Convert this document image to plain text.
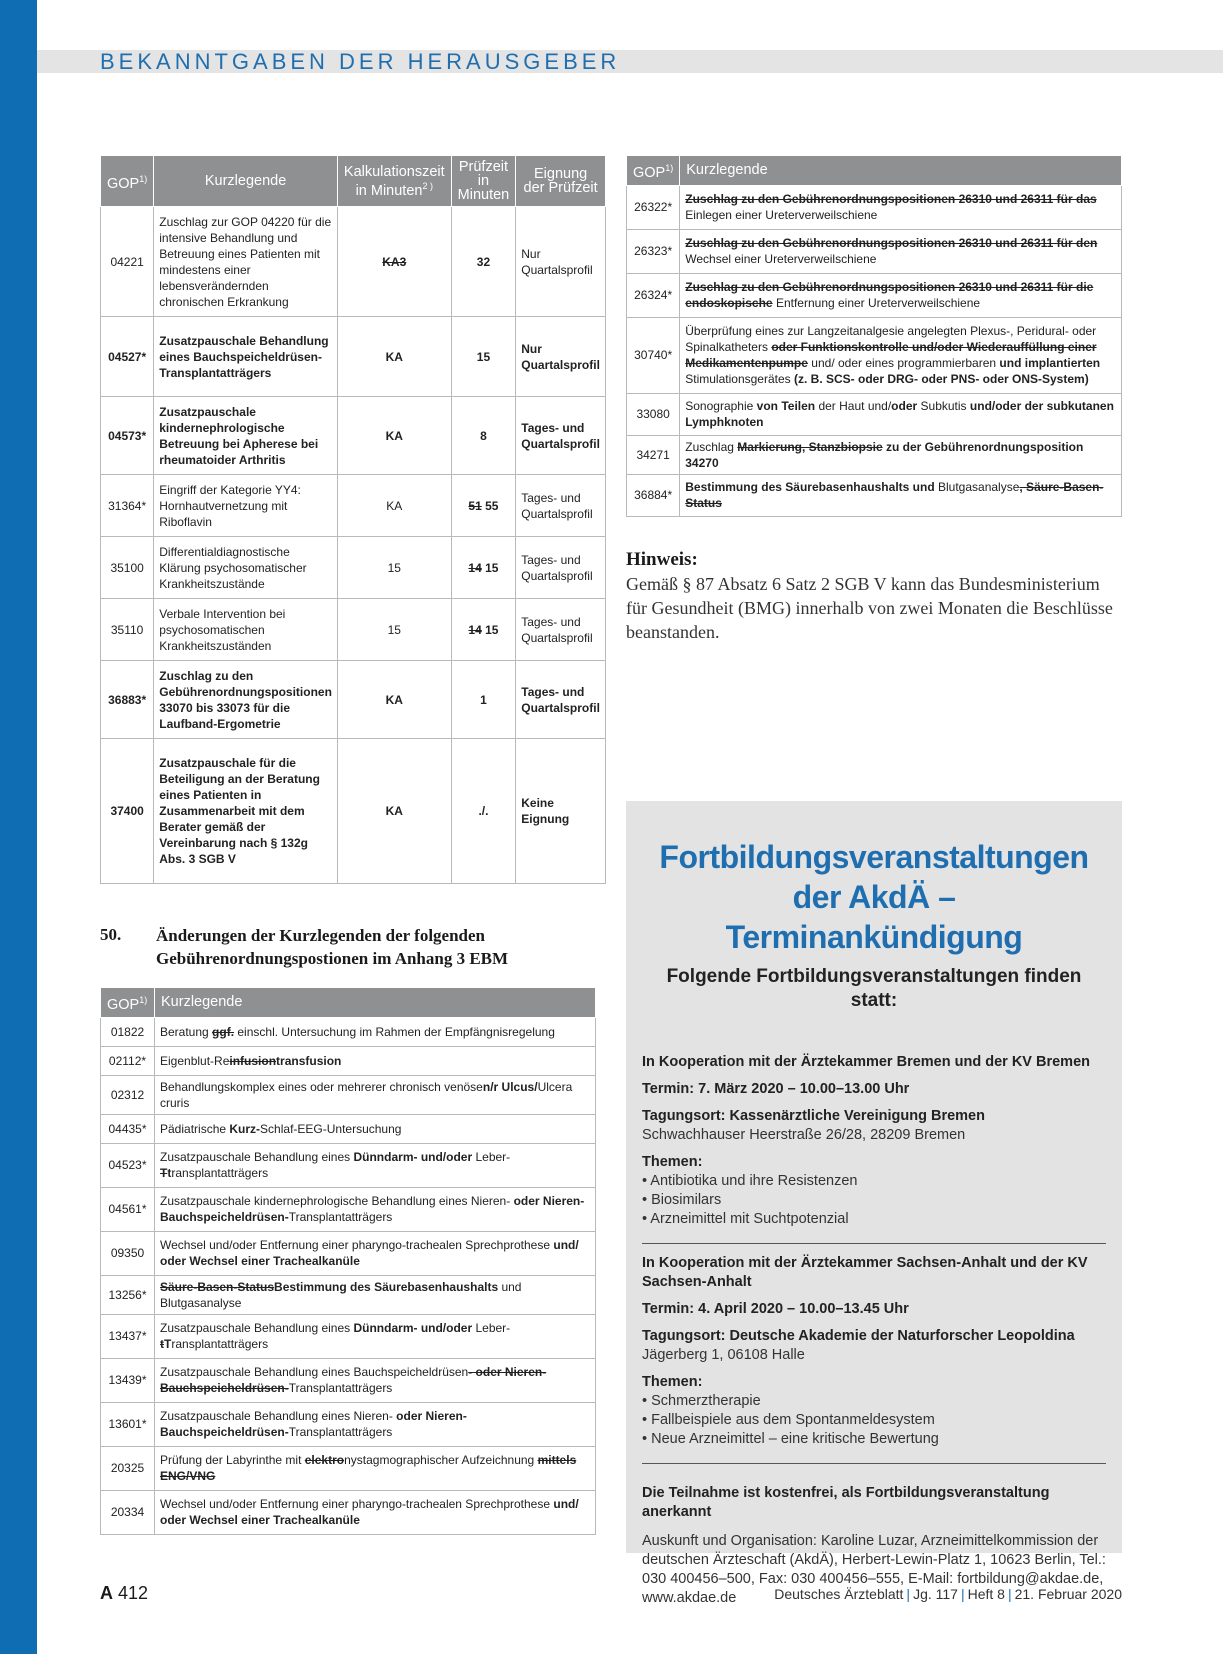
BEKANNTGABEN DER HERAUSGEBER
GOP$^{1)}$	Kurzlegende	Kalkulationszeit in Minuten$^{2 )}$	Prüfzeit in Minuten	Eignung der Prüfzeit
04221	Zuschlag zur GOP 04220 für die intensive Behandlung und Betreuung eines Patienten mit mindestens einer lebensverändernden chronischen Erkrankung	KA3	32	Nur Quartalsprofil
04527*	Zusatzpauschale Behandlung eines Bauchspeicheldrüsen-Transplantatträgers	KA	15	Nur Quartalsprofil
04573*	Zusatzpauschale kindernephrologische Betreuung bei Apherese bei rheumatoider Arthritis	KA	8	Tages- und Quartalsprofil
31364*	Eingriff der Kategorie YY4: Hornhautvernetzung mit Riboflavin	KA	51 55	Tages- und Quartalsprofil
35100	Differentialdiagnostische Klärung psychosomatischer Krankheitszustände	15	14 15	Tages- und Quartalsprofil
35110	Verbale Intervention bei psychosomatischen Krankheitszuständen	15	14 15	Tages- und Quartalsprofil
36883*	Zuschlag zu den Gebührenordnungspositionen 33070 bis 33073 für die Laufband-Ergometrie	KA	1	Tages- und Quartalsprofil
37400	Zusatzpauschale für die Beteiligung an der Beratung eines Patienten in Zusammenarbeit mit dem Berater gemäß der Vereinbarung nach § 132g Abs. 3 SGB V	KA	./.	Keine Eignung
GOP$^{1)}$	Kurzlegende
26322*	Zuschlag zu den Gebührenordnungspositionen 26310 und 26311 für das Einlegen einer Ureterverweilschiene
26323*	Zuschlag zu den Gebührenordnungspositionen 26310 und 26311 für den Wechsel einer Ureterverweilschiene
26324*	Zuschlag zu den Gebührenordnungspositionen 26310 und 26311 für die endoskopische Entfernung einer Ureterverweilschiene
30740*	Überprüfung eines zur Langzeitanalgesie angelegten Plexus-, Peridural- oder Spinalkatheters oder Funktionskontrolle und/oder Wiederauffüllung einer Medikamentenpumpe und/ oder eines programmierbaren und implantierten Stimulationsgerätes (z. B. SCS- oder DRG- oder PNS- oder ONS-System)
33080	Sonographie von Teilen der Haut und/oder Subkutis und/oder der subkutanen Lymphknoten
34271	Zuschlag Markierung, Stanzbiopsie zu der Gebührenordnungsposition 34270
36884*	Bestimmung des Säurebasenhaushalts und Blutgasanalyse, Säure-Basen-Status
Hinweis:

Gemäß § 87 Absatz 6 Satz 2 SGB V kann das Bundesministerium für Gesundheit (BMG) innerhalb von zwei Monaten die Beschlüsse beanstanden.

50. Änderungen der Kurzlegenden der folgenden Gebührenordnungspostionen im Anhang 3 EBM
GOP$^{1)}$	Kurzlegende
01822	Beratung ggf. einschl. Untersuchung im Rahmen der Empfängnisregelung
02112*	Eigenblut-Reinfusiontransfusion
02312	Behandlungskomplex eines oder mehrerer chronisch venösen/r Ulcus/Ulcera cruris
04435*	Pädiatrische Kurz-Schlaf-EEG-Untersuchung
04523*	Zusatzpauschale Behandlung eines Dünndarm- und/oder Leber-Ttransplantatträgers
04561*	Zusatzpauschale kindernephrologische Behandlung eines Nieren- oder Nieren-Bauchspeicheldrüsen-Transplantatträgers
09350	Wechsel und/oder Entfernung einer pharyngo-trachealen Sprechprothese und/ oder Wechsel einer Trachealkanüle
13256*	Säure-Basen-StatusBestimmung des Säurebasenhaushalts und Blutgasanalyse
13437*	Zusatzpauschale Behandlung eines Dünndarm- und/oder Leber-tTransplantatträgers
13439*	Zusatzpauschale Behandlung eines Bauchspeicheldrüsen- oder Nieren-Bauchspeicheldrüsen-Transplantatträgers
13601*	Zusatzpauschale Behandlung eines Nieren- oder Nieren-Bauchspeicheldrüsen-Transplantatträgers
20325	Prüfung der Labyrinthe mit elektronystagmographischer Aufzeichnung mittels ENG/VNG
20334	Wechsel und/oder Entfernung einer pharyngo-trachealen Sprechprothese und/ oder Wechsel einer Trachealkanüle
Fortbildungsveranstaltungen der AkdÄ – Terminankündigung
Folgende Fortbildungsveranstaltungen finden statt:
In Kooperation mit der Ärztekammer Bremen und der KV Bremen
Termin: 7. März 2020 – 10.00–13.00 Uhr
Tagungsort: Kassenärztliche Vereinigung Bremen
Schwachhauser Heerstraße 26/28, 28209 Bremen
Themen:
• Antibiotika und ihre Resistenzen
• Biosimilars
• Arzneimittel mit Suchtpotenzial
In Kooperation mit der Ärztekammer Sachsen-Anhalt und der KV Sachsen-Anhalt
Termin: 4. April 2020 – 10.00–13.45 Uhr
Tagungsort: Deutsche Akademie der Naturforscher Leopoldina
Jägerberg 1, 06108 Halle
Themen:
• Schmerztherapie
• Fallbeispiele aus dem Spontanmeldesystem
• Neue Arzneimittel – eine kritische Bewertung
Die Teilnahme ist kostenfrei, als Fortbildungsveranstaltung anerkannt
Auskunft und Organisation: Karoline Luzar, Arzneimittelkommission der deutschen Ärzteschaft (AkdÄ), Herbert-Lewin-Platz 1, 10623 Berlin, Tel.: 030 400456–500, Fax: 030 400456–555, E-Mail: fortbildung@akdae.de, www.akdae.de
A 412	Deutsches Ärzteblatt | Jg. 117 | Heft 8 | 21. Februar 2020
